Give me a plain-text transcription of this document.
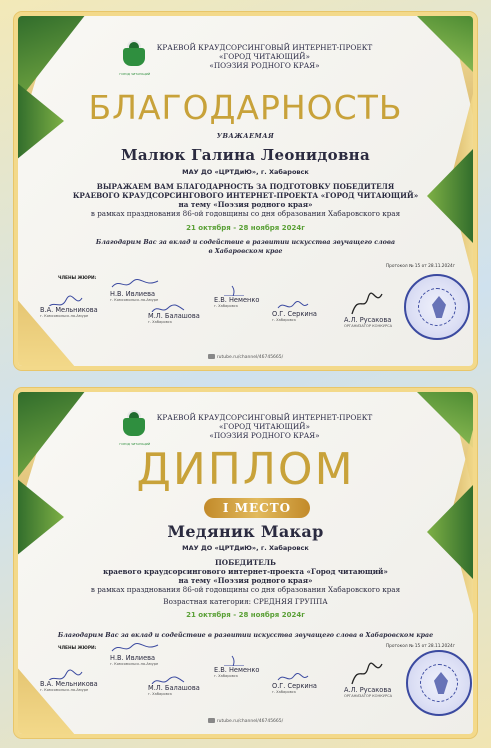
ГОРОД ЧИТАЮЩИЙ
КРАЕВОЙ КРАУДСОРСИНГОВЫЙ ИНТЕРНЕТ-ПРОЕКТ
«ГОРОД ЧИТАЮЩИЙ»
«ПОЭЗИЯ РОДНОГО КРАЯ»
БЛАГОДАРНОСТЬ
УВАЖАЕМАЯ
Малюк Галина Леонидовна
МАУ ДО «ЦРТДиЮ», г. Хабаровск
ВЫРАЖАЕМ ВАМ БЛАГОДАРНОСТЬ ЗА ПОДГОТОВКУ ПОБЕДИТЕЛЯ
КРАЕВОГО КРАУДСОРСИНГОВОГО ИНТЕРНЕТ-ПРОЕКТА «ГОРОД ЧИТАЮЩИЙ»
на тему «Поэзия родного края»
в рамках празднования 86-ой годовщины со дня образования Хабаровского края
21 октября - 28 ноября 2024г
Благодарим Вас за вклад и содействие в развитии искусства звучащего слова
в Хабаровском крае
Протокол № 15 от 28.11.2024г
ЧЛЕНЫ ЖЮРИ:
Н.В. Ивлиева
г. Комсомольск-на-Амуре
В.А. Мельникова
г. Комсомольск-на-Амуре	М.Л. Балашова
г. Хабаровск
Е.В. Неменко
г. Хабаровск
О.Г. Серкина
г. Хабаровск	А.Л. Русакова
ОРГАНИЗАТОР КОНКУРСА
rutube.ru/channel/46745665/
ГОРОД ЧИТАЮЩИЙ
КРАЕВОЙ КРАУДСОРСИНГОВЫЙ ИНТЕРНЕТ-ПРОЕКТ
«ГОРОД ЧИТАЮЩИЙ»
«ПОЭЗИЯ РОДНОГО КРАЯ»
ДИПЛОМ
I МЕСТО
Медяник Макар
МАУ ДО «ЦРТДиЮ», г. Хабаровск
ПОБЕДИТЕЛЬ
краевого краудсорсингового интернет-проекта «Город читающий»
на тему «Поэзия родного края»
в рамках празднования 86-ой годовщины со дня образования Хабаровского края
Возрастная категория: СРЕДНЯЯ ГРУППА
21 октября - 28 ноября 2024г
Благодарим Вас за вклад и содействие в развитии искусства звучащего слова в Хабаровском крае
Протокол № 15 от 28.11.2024г
ЧЛЕНЫ ЖЮРИ:
Н.В. Ивлиева
г. Комсомольск-на-Амуре
В.А. Мельникова
г. Комсомольск-на-Амуре	М.Л. Балашова
г. Хабаровск
Е.В. Неменко
г. Хабаровск
О.Г. Серкина
г. Хабаровск	А.Л. Русакова
ОРГАНИЗАТОР КОНКУРСА
rutube.ru/channel/46745665/
